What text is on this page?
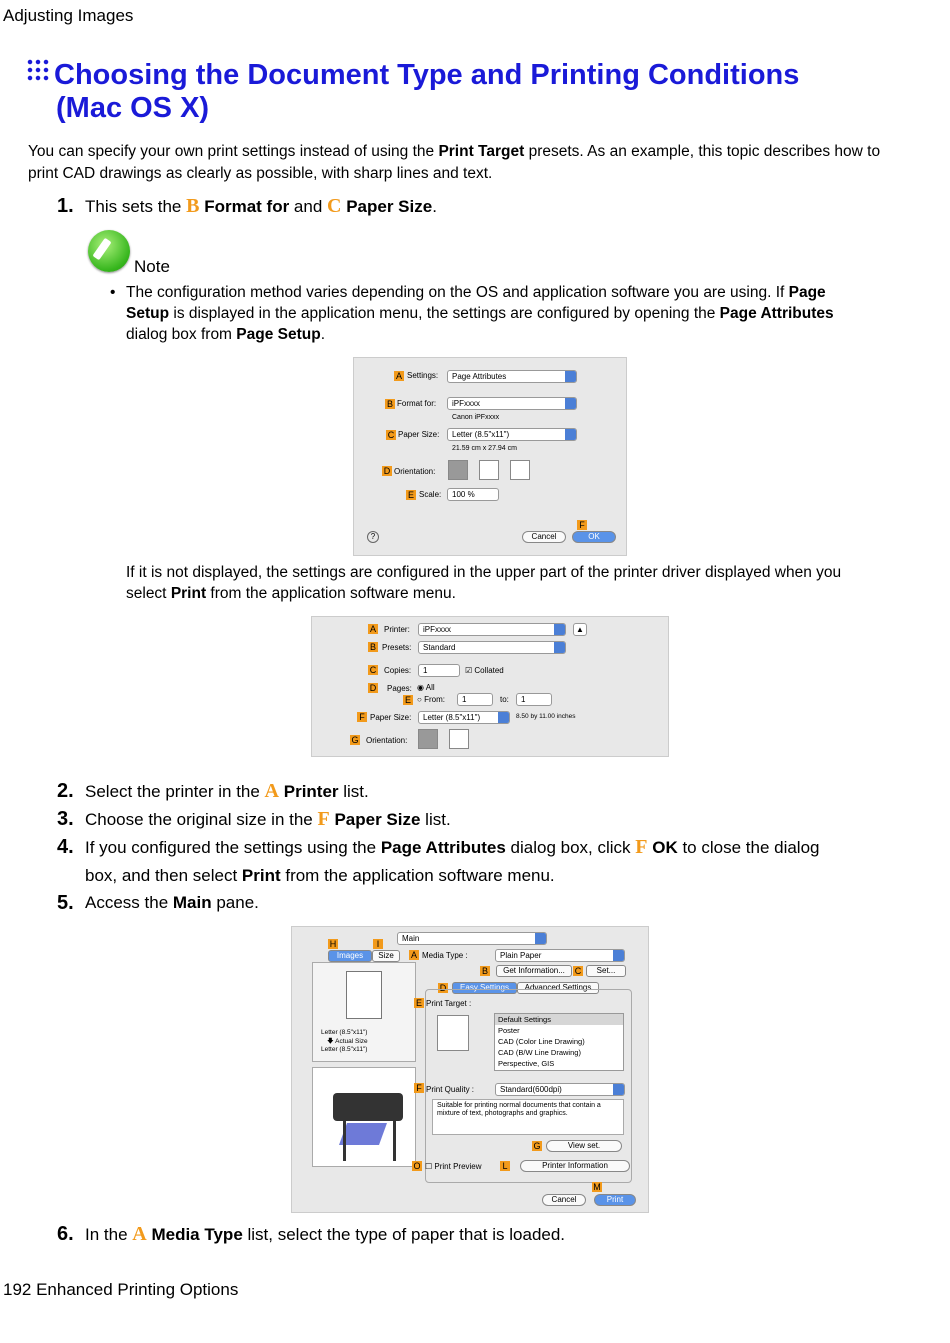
Adjusting Images
Choosing the Document Type and Printing Conditions
(Mac OS X)
You can specify your own print settings instead of using the Print Target presets. As an example, this topic describes how to print CAD drawings as clearly as possible, with sharp lines and text.
1. This sets the B Format for and C Paper Size.
Note
• The configuration method varies depending on the OS and application software you are using. If Page Setup is displayed in the application menu, the settings are configured by opening the Page Attributes dialog box from Page Setup.
A Settings:	Page Attributes
B Format for:	iPFxxxx
Canon iPFxxxx
C Paper Size:	Letter (8.5"x11")
21.59 cm x 27.94 cm
D Orientation:
E Scale:	100 %
?
F
Cancel	OK
If it is not displayed, the settings are configured in the upper part of the printer driver displayed when you select Print from the application software menu.
A Printer:	iPFxxxx	▲
B Presets:	Standard
C Copies:	1	☑ Collated
D Pages: ◉ All
E ○ From:	1	to:	1
F Paper Size:	Letter (8.5"x11")	8.50 by 11.00 inches
G Orientation:
2. Select the printer in the A Printer list.
3. Choose the original size in the F Paper Size list.
4. If you configured the settings using the Page Attributes dialog box, click F OK to close the dialog box, and then select Print from the application software menu.
5. Access the Main pane.
Main
H	I
Images	Size	A Media Type :	Plain Paper
Letter (8.5"x11")
🡇 Actual Size
Letter (8.5"x11")
B	Get Information...	C	Set...
D	Easy Settings	Advanced Settings
E Print Target :
Default Settings
Poster
CAD (Color Line Drawing)
CAD (B/W Line Drawing)
Perspective, GIS
F Print Quality :	Standard(600dpi)
Suitable for printing normal documents that contain a mixture of text, photographs and graphics.
G	View set.
O ☐ Print Preview L	Printer Information
M
Cancel	Print
6. In the A Media Type list, select the type of paper that is loaded.
192 Enhanced Printing Options
